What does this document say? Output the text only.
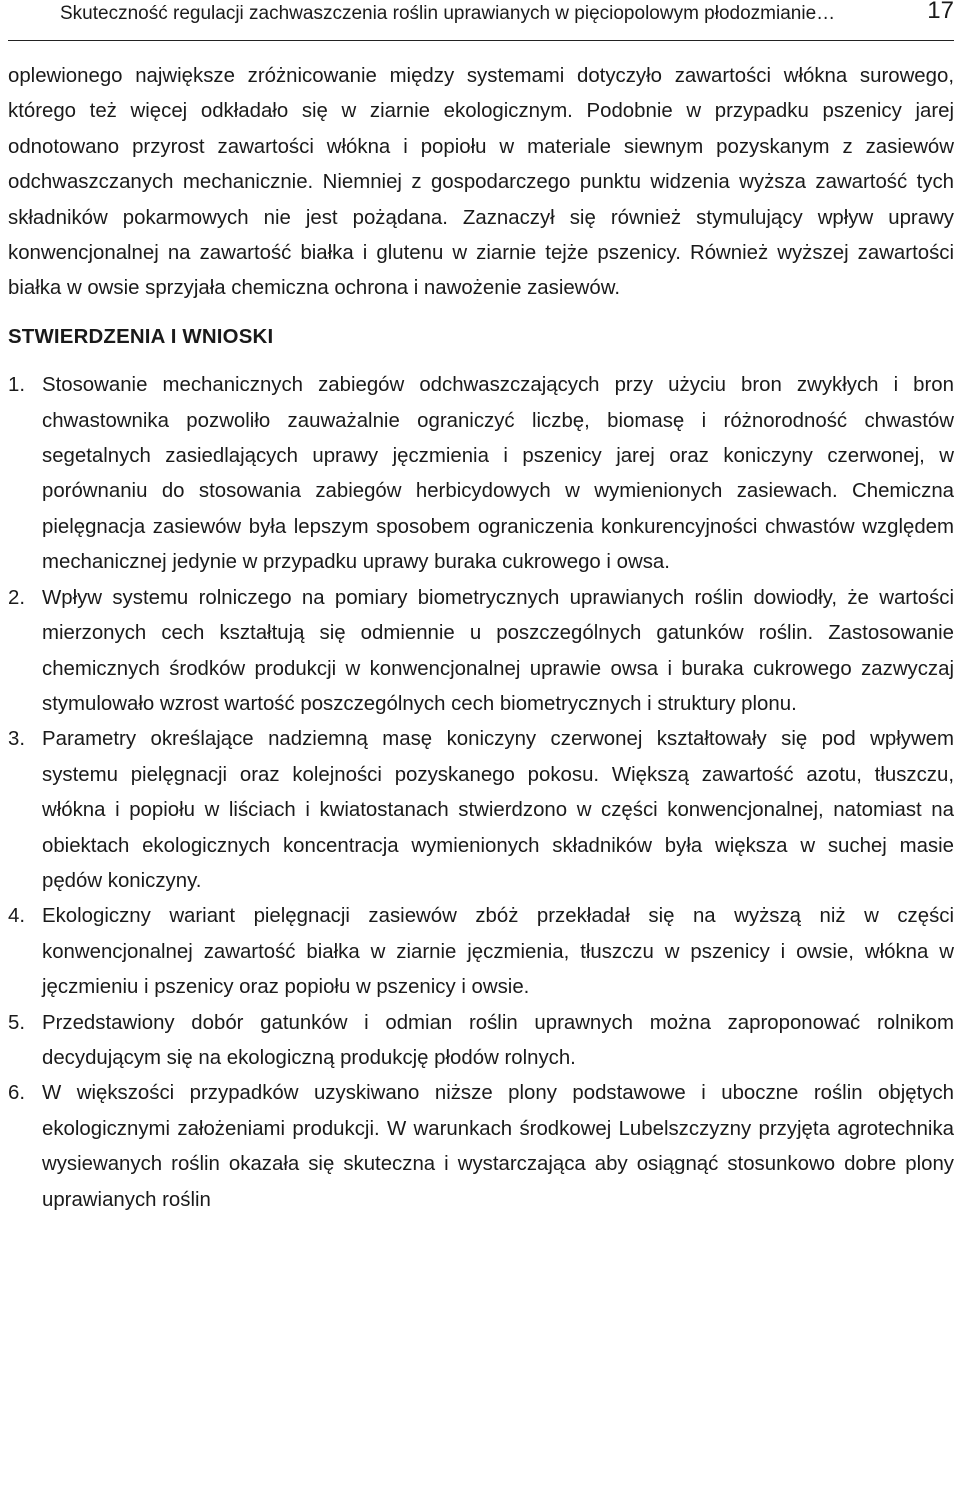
Skuteczność regulacji zachwaszczenia roślin uprawianych w pięciopolowym płodozmianie…	17

oplewionego największe zróżnicowanie między systemami dotyczyło zawartości włókna surowego, którego też więcej odkładało się w ziarnie ekologicznym. Podobnie w przypadku pszenicy jarej odnotowano przyrost zawartości włókna i popiołu w materiale siewnym pozyskanym z zasiewów odchwaszczanych mechanicznie. Niemniej z gospodarczego punktu widzenia wyższa zawartość tych składników pokarmowych nie jest pożądana. Zaznaczył się również stymulujący wpływ uprawy konwencjonalnej na zawartość białka i glutenu w ziarnie tejże pszenicy. Również wyższej zawartości białka w owsie sprzyjała chemiczna ochrona i nawożenie zasiewów.

STWIERDZENIA I WNIOSKI
1. Stosowanie mechanicznych zabiegów odchwaszczających przy użyciu bron zwykłych i bron chwastownika pozwoliło zauważalnie ograniczyć liczbę, biomasę i różnorodność chwastów segetalnych zasiedlających uprawy jęczmienia i pszenicy jarej oraz koniczyny czerwonej, w porównaniu do stosowania zabiegów herbicydowych w wymienionych zasiewach. Chemiczna pielęgnacja zasiewów była lepszym sposobem ograniczenia konkurencyjności chwastów względem mechanicznej jedynie w przypadku uprawy buraka cukrowego i owsa.
2. Wpływ systemu rolniczego na pomiary biometrycznych uprawianych roślin dowiodły, że wartości mierzonych cech kształtują się odmiennie u poszczególnych gatunków roślin. Zastosowanie chemicznych środków produkcji w konwencjonalnej uprawie owsa i buraka cukrowego zazwyczaj stymulowało wzrost wartość poszczególnych cech biometrycznych i struktury plonu.
3. Parametry określające nadziemną masę koniczyny czerwonej kształtowały się pod wpływem systemu pielęgnacji oraz kolejności pozyskanego pokosu. Większą zawartość azotu, tłuszczu, włókna i popiołu w liściach i kwiatostanach stwierdzono w części konwencjonalnej, natomiast na obiektach ekologicznych koncentracja wymienionych składników była większa w suchej masie pędów koniczyny.
4. Ekologiczny wariant pielęgnacji zasiewów zbóż przekładał się na wyższą niż w części konwencjonalnej zawartość białka w ziarnie jęczmienia, tłuszczu w pszenicy i owsie, włókna w jęczmieniu i pszenicy oraz popiołu w pszenicy i owsie.
5. Przedstawiony dobór gatunków i odmian roślin uprawnych można zaproponować rolnikom decydującym się na ekologiczną produkcję płodów rolnych.
6. W większości przypadków uzyskiwano niższe plony podstawowe i uboczne roślin objętych ekologicznymi założeniami produkcji. W warunkach środkowej Lubelszczyzny przyjęta agrotechnika wysiewanych roślin okazała się skuteczna i wystarczająca aby osiągnąć stosunkowo dobre plony uprawianych roślin
